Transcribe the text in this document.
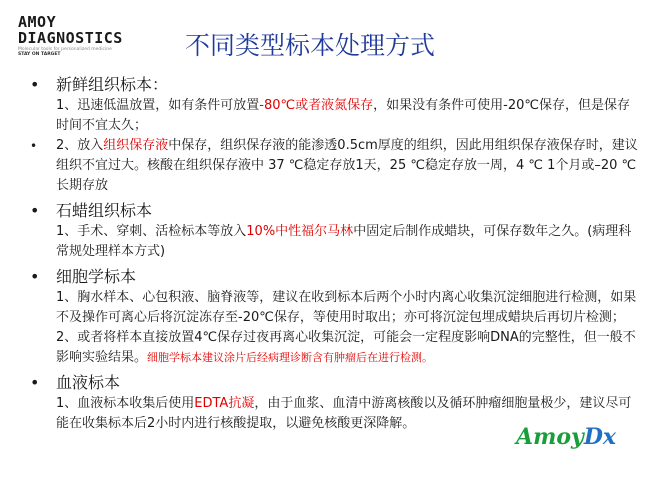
AMOY
DIAGNOSTICS
Molecular tools for personalized medicine
STAY ON TARGET	不同类型标本处理方式
• 新鲜组织标本：
1、迅速低温放置，如有条件可放置-80℃或者液氮保存，如果没有条件可使用-20℃保存，但是保存时间不宜太久；
• 2、放入组织保存液中保存，组织保存液的能渗透0.5cm厚度的组织，因此用组织保存液保存时，建议组织不宜过大。核酸在组织保存液中 37 ℃稳定存放1天，25 ℃稳定存放一周，4 ℃ 1个月或–20 ℃长期存放
• 石蜡组织标本
1、手术、穿刺、活检标本等放入10%中性福尔马林中固定后制作成蜡块，可保存数年之久。(病理科常规处理样本方式)
• 细胞学标本
1、胸水样本、心包积液、脑脊液等，建议在收到标本后两个小时内离心收集沉淀细胞进行检测，如果不及操作可离心后将沉淀冻存至-20℃保存，等使用时取出；亦可将沉淀包埋成蜡块后再切片检测；
2、或者将样本直接放置4℃保存过夜再离心收集沉淀，可能会一定程度影响DNA的完整性，但一般不影响实验结果。细胞学标本建议涂片后经病理诊断含有肿瘤后在进行检测。
• 血液标本
1、血液标本收集后使用EDTA抗凝，由于血浆、血清中游离核酸以及循环肿瘤细胞量极少，建议尽可能在收集标本后2小时内进行核酸提取，以避免核酸更深降解。
AmoyDx
